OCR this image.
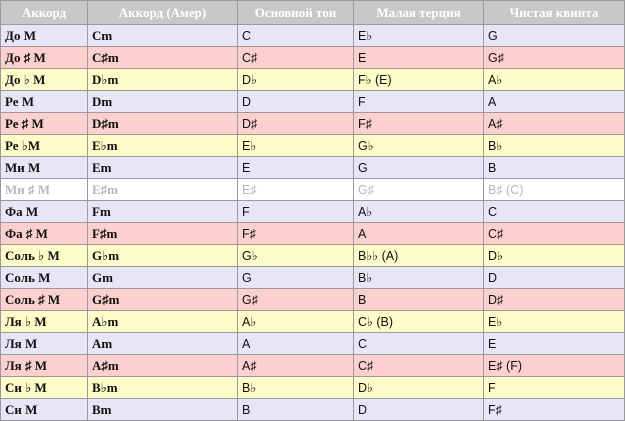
Аккорд	Аккорд (Амер)	Основной тон	Малая терция	Чистая квинта
До M	Cm	C	E♭	G
До ♯ M	C♯m	C♯	E	G♯
До ♭ M	D♭m	D♭	F♭ (E)	A♭
Ре M	Dm	D	F	A
Ре ♯ M	D♯m	D♯	F♯	A♯
Ре ♭M	E♭m	E♭	G♭	B♭
Ми M	Em	E	G	B
Ми ♯ M	E♯m	E♯	G♯	B♯ (C)
Фа M	Fm	F	A♭	C
Фа ♯ M	F♯m	F♯	A	C♯
Соль ♭ M	G♭m	G♭	B♭♭ (A)	D♭
Соль M	Gm	G	B♭	D
Соль ♯ M	G♯m	G♯	B	D♯
Ля ♭ M	A♭m	A♭	C♭ (B)	E♭
Ля M	Am	A	C	E
Ля ♯ M	A♯m	A♯	C♯	E♯ (F)
Си ♭ M	B♭m	B♭	D♭	F
Си M	Bm	B	D	F♯
